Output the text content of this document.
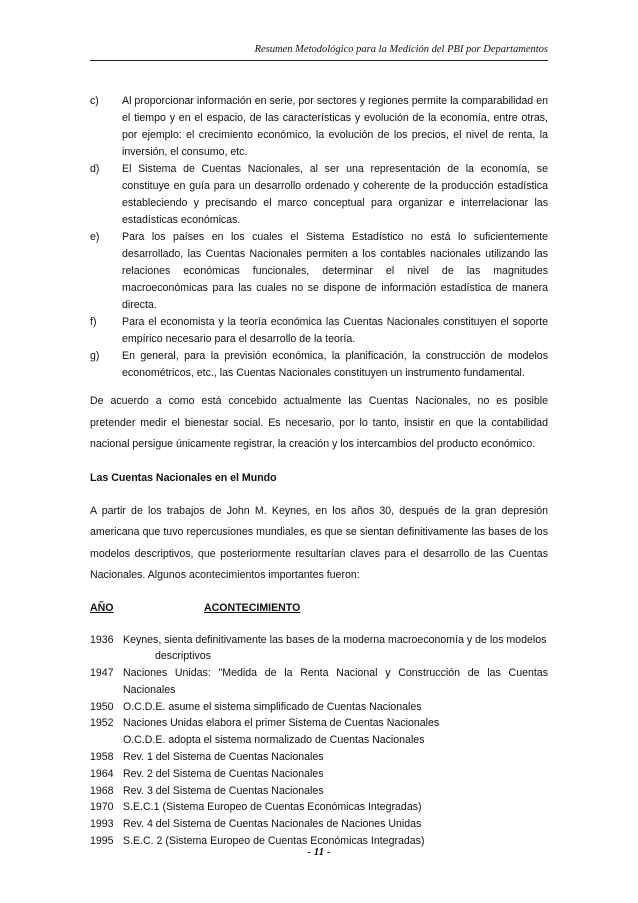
Resumen Metodológico para la Medición del PBI por Departamentos
c)	Al proporcionar información en serie, por sectores y regiones permite la comparabilidad en el tiempo y en el espacio, de las características y evolución de la economía, entre otras, por ejemplo: el crecimiento económico, la evolución de los precios, el nivel de renta, la inversión, el consumo, etc.
d)	El Sistema de Cuentas Nacionales, al ser una representación de la economía, se constituye en guía para un desarrollo ordenado y coherente de la producción estadística estableciendo y precisando el marco conceptual para organizar e interrelacionar las estadísticas económicas.
e)	Para los países en los cuales el Sistema Estadístico no está lo suficientemente desarrollado, las Cuentas Nacionales permiten a los contables nacionales utilizando las relaciones económicas funcionales, determinar el nivel de las magnitudes macroeconómicas para las cuales no se dispone de información estadística de manera directa.
f)	Para el economista y la teoría económica las Cuentas Nacionales constituyen el soporte empírico necesario para el desarrollo de la teoría.
g)	En general, para la previsión económica, la planificación, la construcción de modelos econométricos, etc., las Cuentas Nacionales constituyen un instrumento fundamental.

De acuerdo a como está concebido actualmente las Cuentas Nacionales, no es posible pretender medir el bienestar social. Es necesario, por lo tanto, insistir en que la contabilidad nacional persigue únicamente registrar, la creación y los intercambios del producto económico.

Las Cuentas Nacionales en el Mundo

A partir de los trabajos de John M. Keynes, en los años 30, después de la gran depresión americana que tuvo repercusiones mundiales, es que se sientan definitivamente las bases de los modelos descriptivos, que posteriormente resultarían claves para el desarrollo de las Cuentas Nacionales. Algunos acontecimientos importantes fueron:

AÑO	ACONTECIMIENTO
1936 Keynes, sienta definitivamente las bases de la moderna macroeconomía y de los modelos
descriptivos
1947 Naciones Unidas: "Medida de la Renta Nacional y Construcción de las Cuentas Nacionales
1950 O.C.D.E. asume el sistema simplificado de Cuentas Nacionales
1952 Naciones Unidas elabora el primer Sistema de Cuentas Nacionales
O.C.D.E. adopta el sistema normalizado de Cuentas Nacionales
1958 Rev. 1 del Sistema de Cuentas Nacionales
1964 Rev. 2 del Sistema de Cuentas Nacionales
1968 Rev. 3 del Sistema de Cuentas Nacionales
1970 S.E.C.1 (Sistema Europeo de Cuentas Económicas Integradas)
1993 Rev. 4 del Sistema de Cuentas Nacionales de Naciones Unidas
1995 S.E.C. 2 (Sistema Europeo de Cuentas Económicas Integradas)
- 11 -
